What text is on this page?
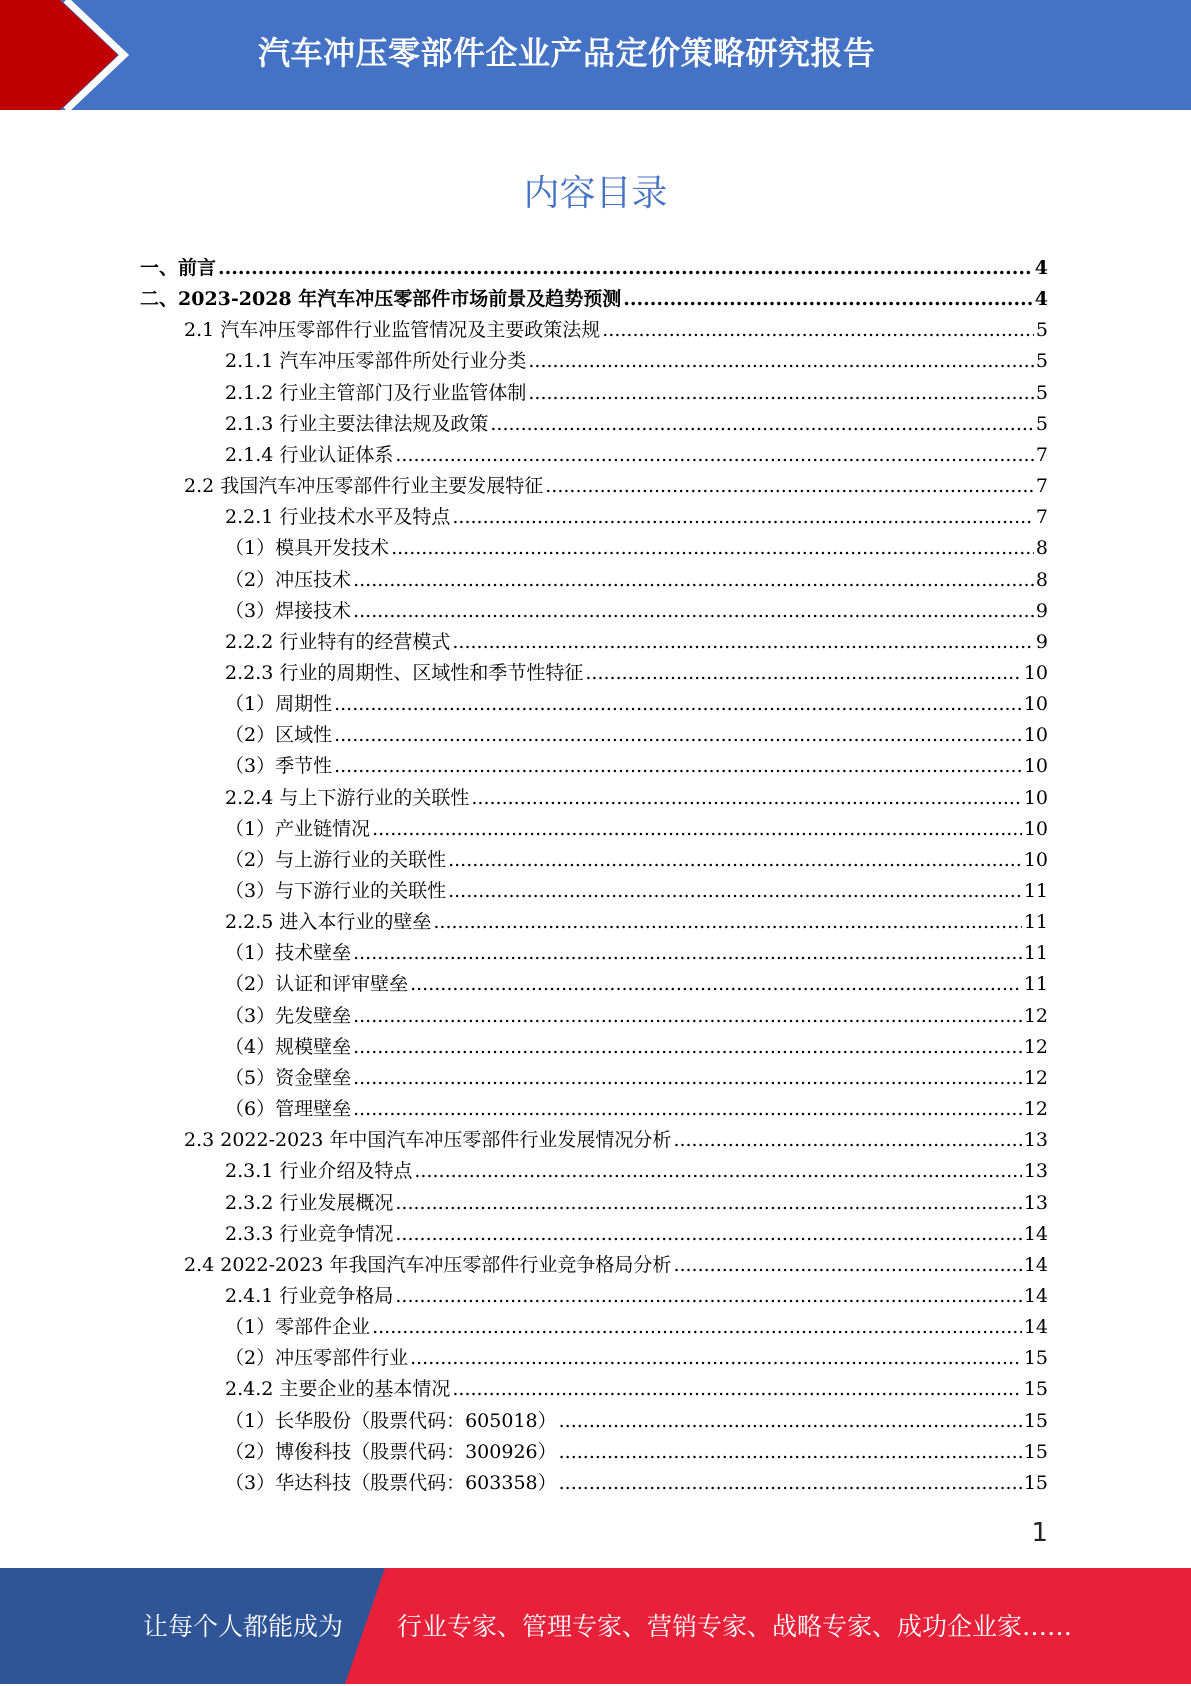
汽车冲压零部件企业产品定价策略研究报告
内容目录
一、前言 .....	4
二、2023-2028 年汽车冲压零部件市场前景及趋势预测 .....	4
2.1 汽车冲压零部件行业监管情况及主要政策法规 .....	5
2.1.1 汽车冲压零部件所处行业分类 .....	5
2.1.2 行业主管部门及行业监管体制 .....	5
2.1.3 行业主要法律法规及政策 .....	5
2.1.4 行业认证体系 .....	7
2.2 我国汽车冲压零部件行业主要发展特征 .....	7
2.2.1 行业技术水平及特点 .....	7
（1）模具开发技术 .....	8
（2）冲压技术 .....	8
（3）焊接技术 .....	9
2.2.2 行业特有的经营模式 .....	9
2.2.3 行业的周期性、区域性和季节性特征 .....	10
（1）周期性 .....	10
（2）区域性 .....	10
（3）季节性 .....	10
2.2.4 与上下游行业的关联性 .....	10
（1）产业链情况 .....	10
（2）与上游行业的关联性 .....	10
（3）与下游行业的关联性 .....	11
2.2.5 进入本行业的壁垒 .....	11
（1）技术壁垒 .....	11
（2）认证和评审壁垒 .....	11
（3）先发壁垒 .....	12
（4）规模壁垒 .....	12
（5）资金壁垒 .....	12
（6）管理壁垒 .....	12
2.3 2022-2023 年中国汽车冲压零部件行业发展情况分析 .....	13
2.3.1 行业介绍及特点 .....	13
2.3.2 行业发展概况 .....	13
2.3.3 行业竞争情况 .....	14
2.4 2022-2023 年我国汽车冲压零部件行业竞争格局分析 .....	14
2.4.1 行业竞争格局 .....	14
（1）零部件企业 .....	14
（2）冲压零部件行业 .....	15
2.4.2 主要企业的基本情况 .....	15
（1）长华股份（股票代码：605018） .....	15
（2）博俊科技（股票代码：300926） .....	15
（3）华达科技（股票代码：603358） .....	15
1
让每个人都能成为 行业专家、管理专家、营销专家、战略专家、成功企业家……
